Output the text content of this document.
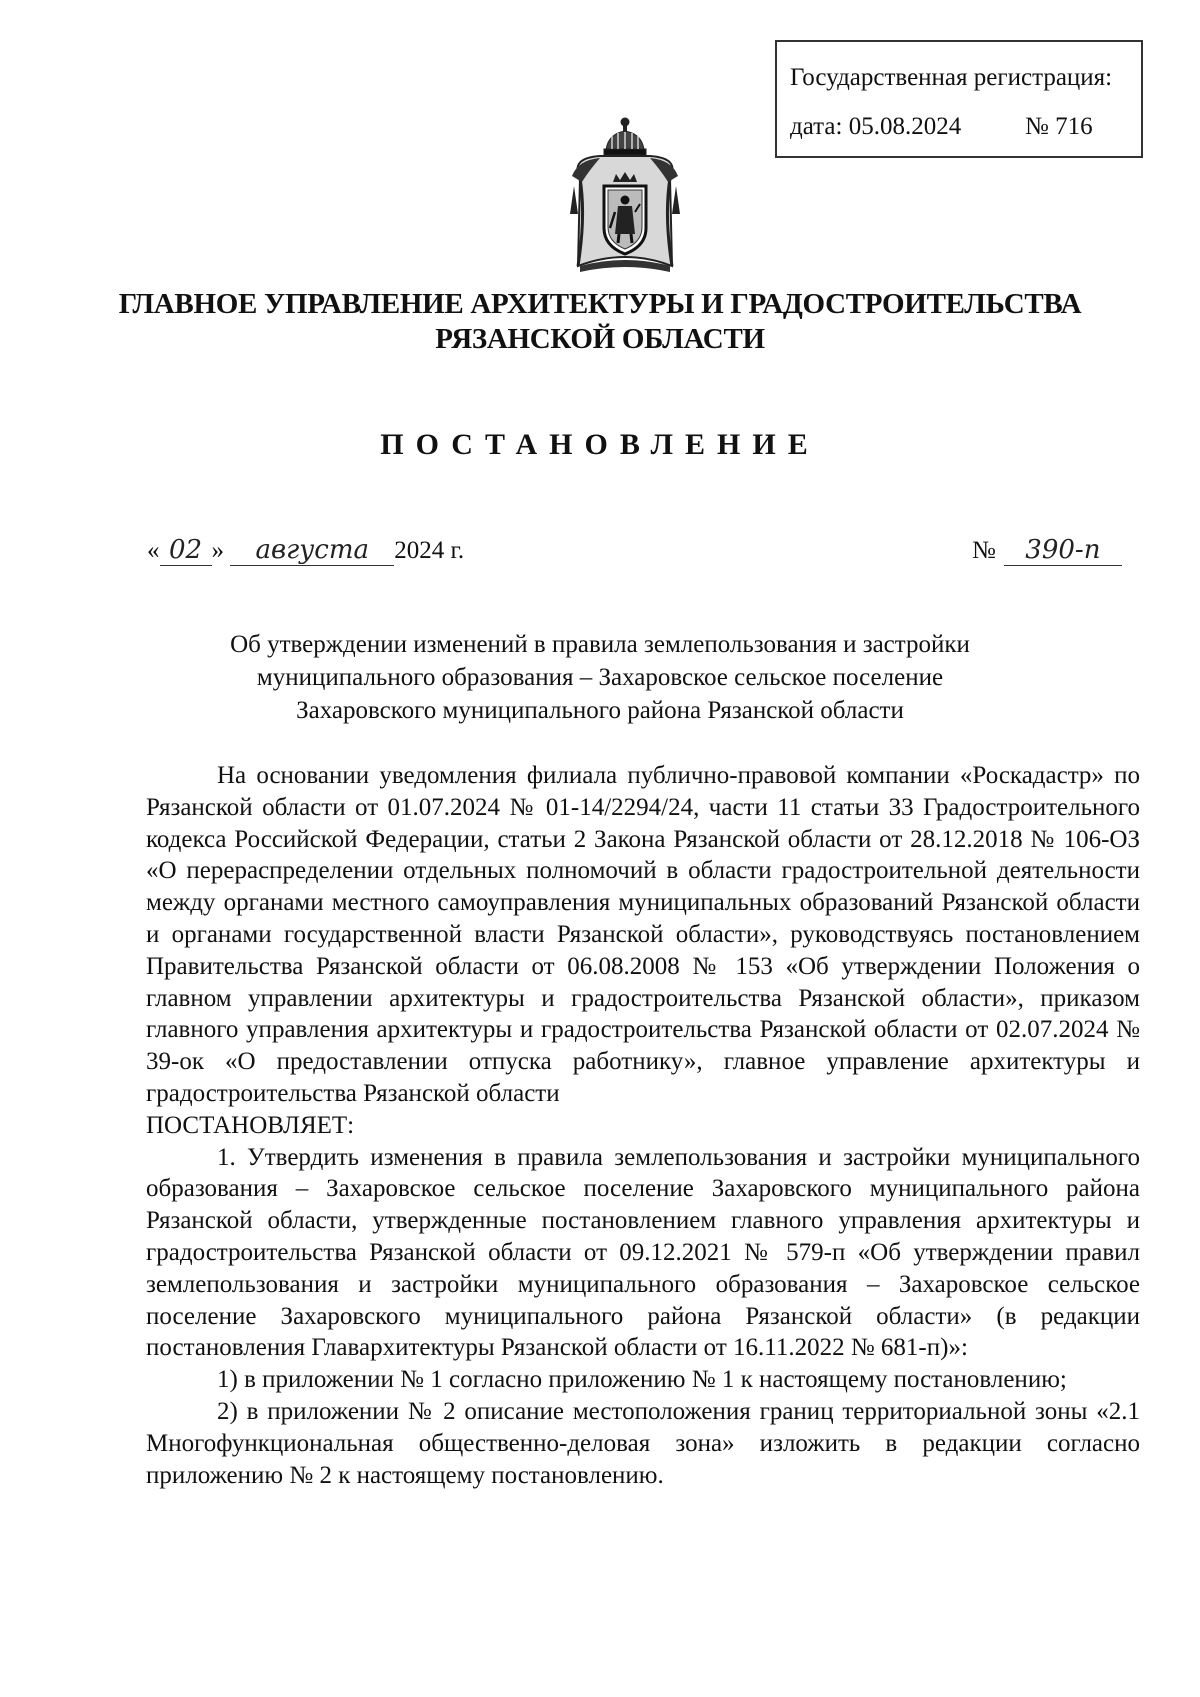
Государственная регистрация:
дата: 05.08.2024	№ 716
ГЛАВНОЕ УПРАВЛЕНИЕ АРХИТЕКТУРЫ И ГРАДОСТРОИТЕЛЬСТВА
РЯЗАНСКОЙ ОБЛАСТИ
ПОСТАНОВЛЕНИЕ
« 02 » августа 2024 г.	№ 390-п
Об утверждении изменений в правила землепользования и застройки
муниципального образования – Захаровское сельское поселение
Захаровского муниципального района Рязанской области

На основании уведомления филиала публично-правовой компании «Роскадастр» по Рязанской области от 01.07.2024 № 01-14/2294/24, части 11 статьи 33 Градостроительного кодекса Российской Федерации, статьи 2 Закона Рязанской области от 28.12.2018 № 106-ОЗ «О перераспределении отдельных полномочий в области градостроительной деятельности между органами местного самоуправления муниципальных образований Рязанской области и органами государственной власти Рязанской области», руководствуясь постановлением Правительства Рязанской области от 06.08.2008 № 153 «Об утверждении Положения о главном управлении архитектуры и градостроительства Рязанской области», приказом главного управления архитектуры и градостроительства Рязанской области от 02.07.2024 № 39-ок «О предоставлении отпуска работнику», главное управление архитектуры и градостроительства Рязанской области

ПОСТАНОВЛЯЕТ:

1. Утвердить изменения в правила землепользования и застройки муниципального образования – Захаровское сельское поселение Захаровского муниципального района Рязанской области, утвержденные постановлением главного управления архитектуры и градостроительства Рязанской области от 09.12.2021 № 579-п «Об утверждении правил землепользования и застройки муниципального образования – Захаровское сельское поселение Захаровского муниципального района Рязанской области» (в редакции постановления Главархитектуры Рязанской области от 16.11.2022 № 681-п)»:

1) в приложении № 1 согласно приложению № 1 к настоящему постановлению;

2) в приложении № 2 описание местоположения границ территориальной зоны «2.1 Многофункциональная общественно-деловая зона» изложить в редакции согласно приложению № 2 к настоящему постановлению.
